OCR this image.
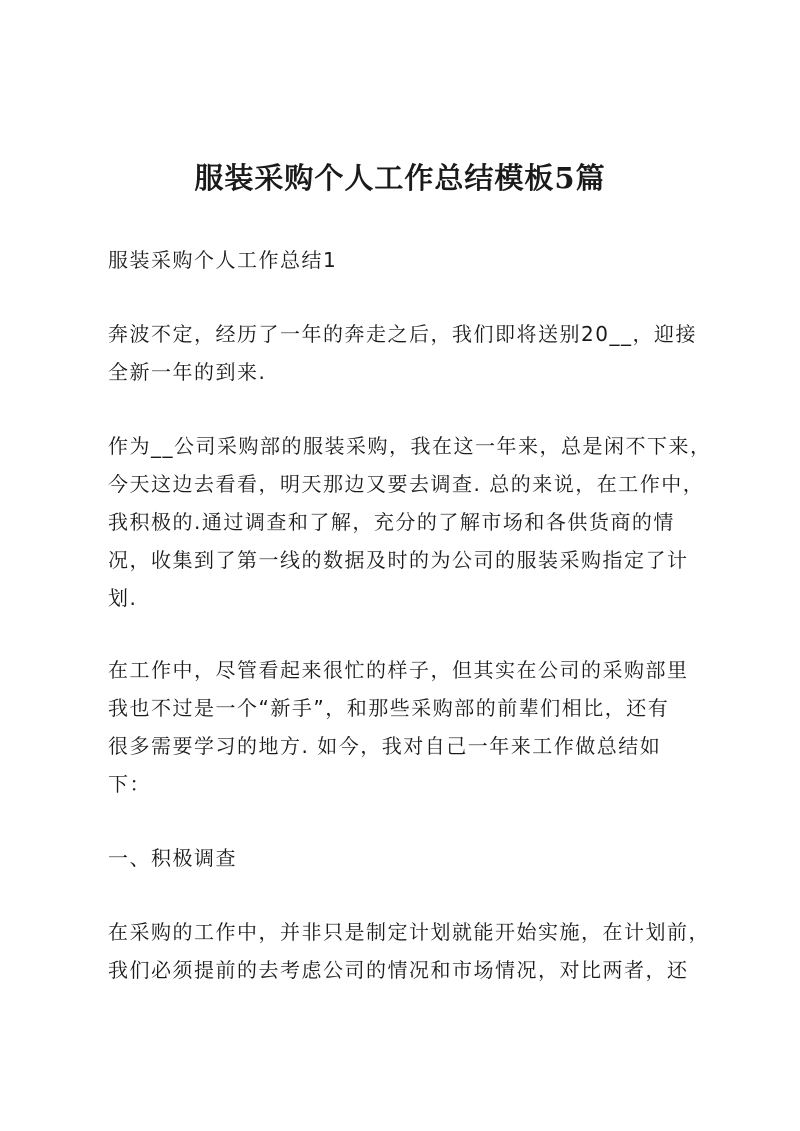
服装采购个人工作总结模板5篇

服装采购个人工作总结1

奔波不定，经历了一年的奔走之后，我们即将送别20__，迎接
全新一年的到来.

作为__公司采购部的服装采购，我在这一年来，总是闲不下来，
今天这边去看看，明天那边又要去调查. 总的来说，在工作中，
我积极的.通过调查和了解，充分的了解市场和各供货商的情
况，收集到了第一线的数据及时的为公司的服装采购指定了计
划.

在工作中，尽管看起来很忙的样子，但其实在公司的采购部里
我也不过是一个“新手”，和那些采购部的前辈们相比，还有
很多需要学习的地方. 如今，我对自己一年来工作做总结如
下：

一、积极调查

在采购的工作中，并非只是制定计划就能开始实施，在计划前，
我们必须提前的去考虑公司的情况和市场情况，对比两者，还
